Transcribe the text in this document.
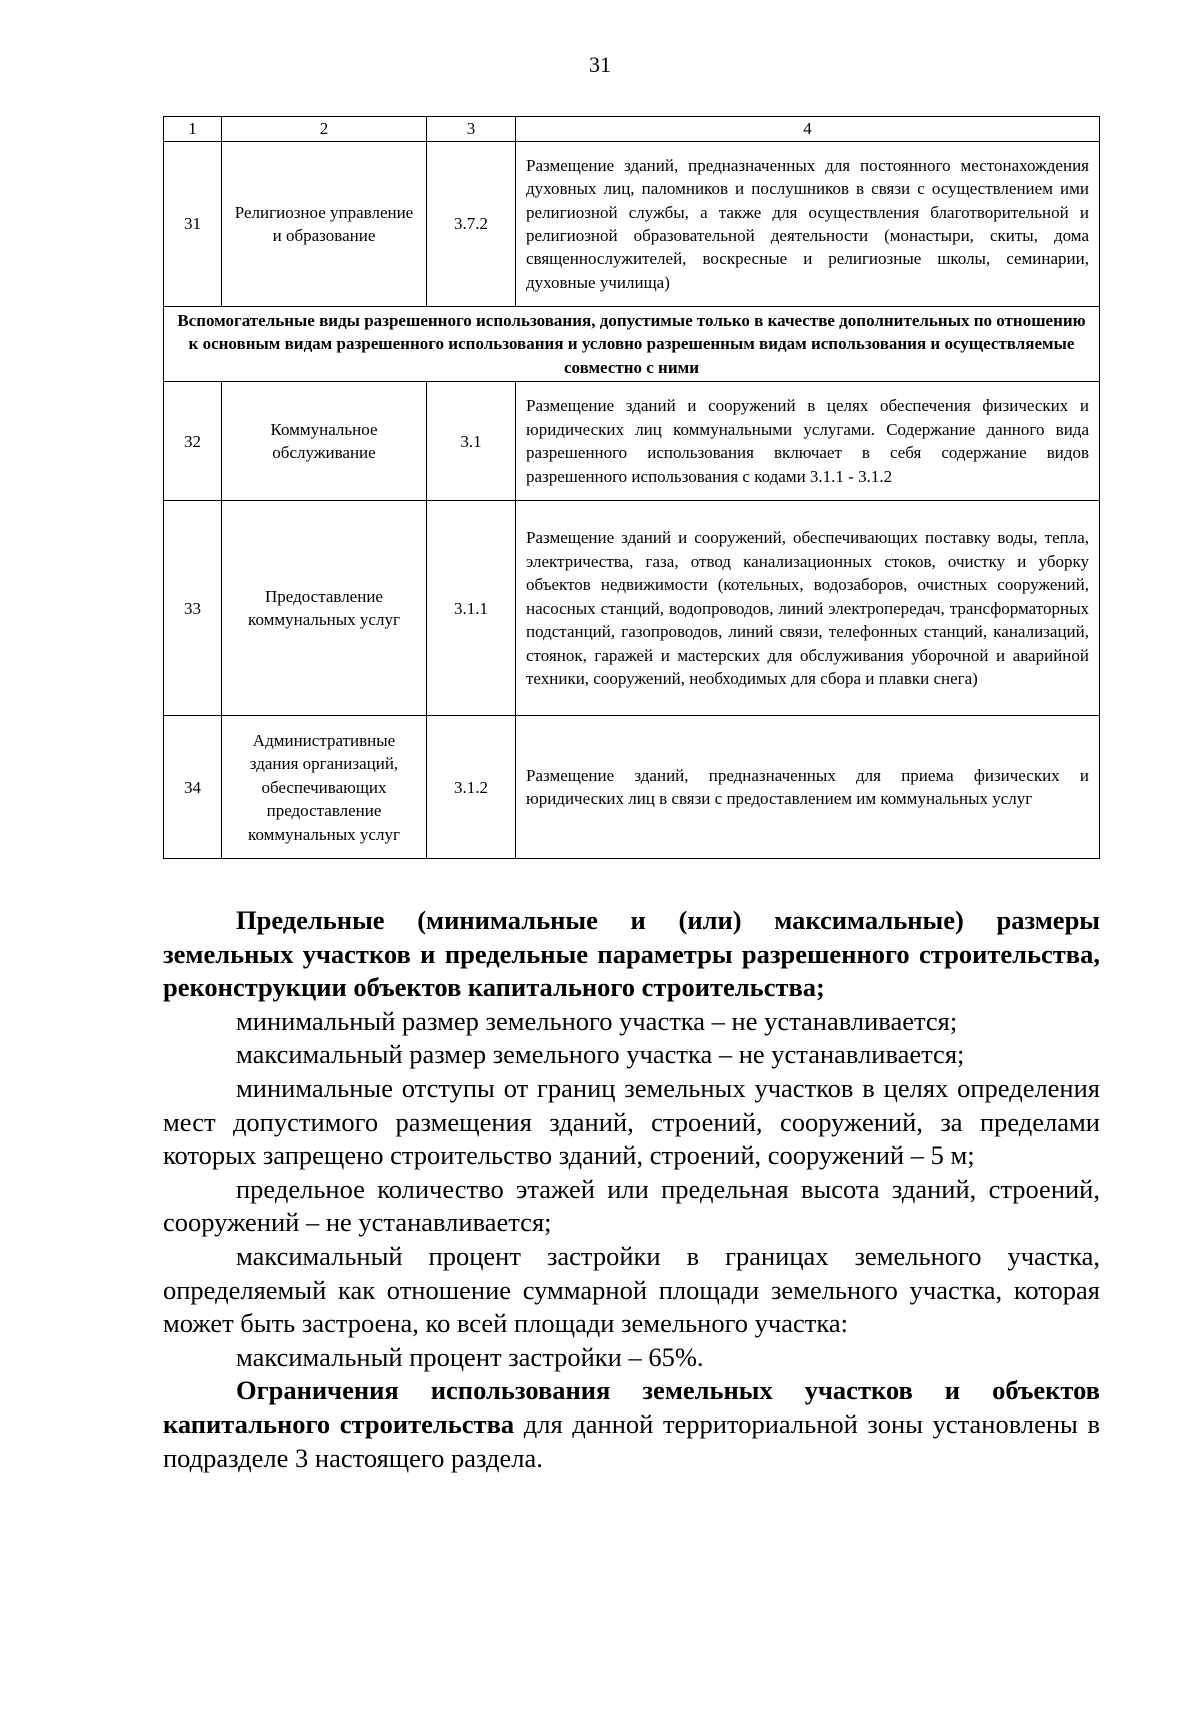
31
1	2	3	4
31	Религиозное управление и образование	3.7.2	Размещение зданий, предназначенных для постоянного местонахождения духовных лиц, паломников и послушников в связи с осуществлением ими религиозной службы, а также для осуществления благотворительной и религиозной образовательной деятельности (монастыри, скиты, дома священнослужителей, воскресные и религиозные школы, семинарии, духовные училища)
Вспомогательные виды разрешенного использования, допустимые только в качестве дополнительных по отношению к основным видам разрешенного использования и условно разрешенным видам использования и осуществляемые совместно с ними			
32	Коммунальное обслуживание	3.1	Размещение зданий и сооружений в целях обеспечения физических и юридических лиц коммунальными услугами. Содержание данного вида разрешенного использования включает в себя содержание видов разрешенного использования с кодами 3.1.1 - 3.1.2
33	Предоставление коммунальных услуг	3.1.1	Размещение зданий и сооружений, обеспечивающих поставку воды, тепла, электричества, газа, отвод канализационных стоков, очистку и уборку объектов недвижимости (котельных, водозаборов, очистных сооружений, насосных станций, водопроводов, линий электропередач, трансформаторных подстанций, газопроводов, линий связи, телефонных станций, канализаций, стоянок, гаражей и мастерских для обслуживания уборочной и аварийной техники, сооружений, необходимых для сбора и плавки снега)
34	Административные здания организаций, обеспечивающих предоставление коммунальных услуг	3.1.2	Размещение зданий, предназначенных для приема физических и юридических лиц в связи с предоставлением им коммунальных услуг

Предельные (минимальные и (или) максимальные) размеры земельных участков и предельные параметры разрешенного строительства, реконструкции объектов капитального строительства;

минимальный размер земельного участка – не устанавливается;

максимальный размер земельного участка – не устанавливается;

минимальные отступы от границ земельных участков в целях определения мест допустимого размещения зданий, строений, сооружений, за пределами которых запрещено строительство зданий, строений, сооружений – 5 м;

предельное количество этажей или предельная высота зданий, строений, сооружений – не устанавливается;

максимальный процент застройки в границах земельного участка, определяемый как отношение суммарной площади земельного участка, которая может быть застроена, ко всей площади земельного участка:

максимальный процент застройки – 65%.

Ограничения использования земельных участков и объектов капитального строительства для данной территориальной зоны установлены в подразделе 3 настоящего раздела.
